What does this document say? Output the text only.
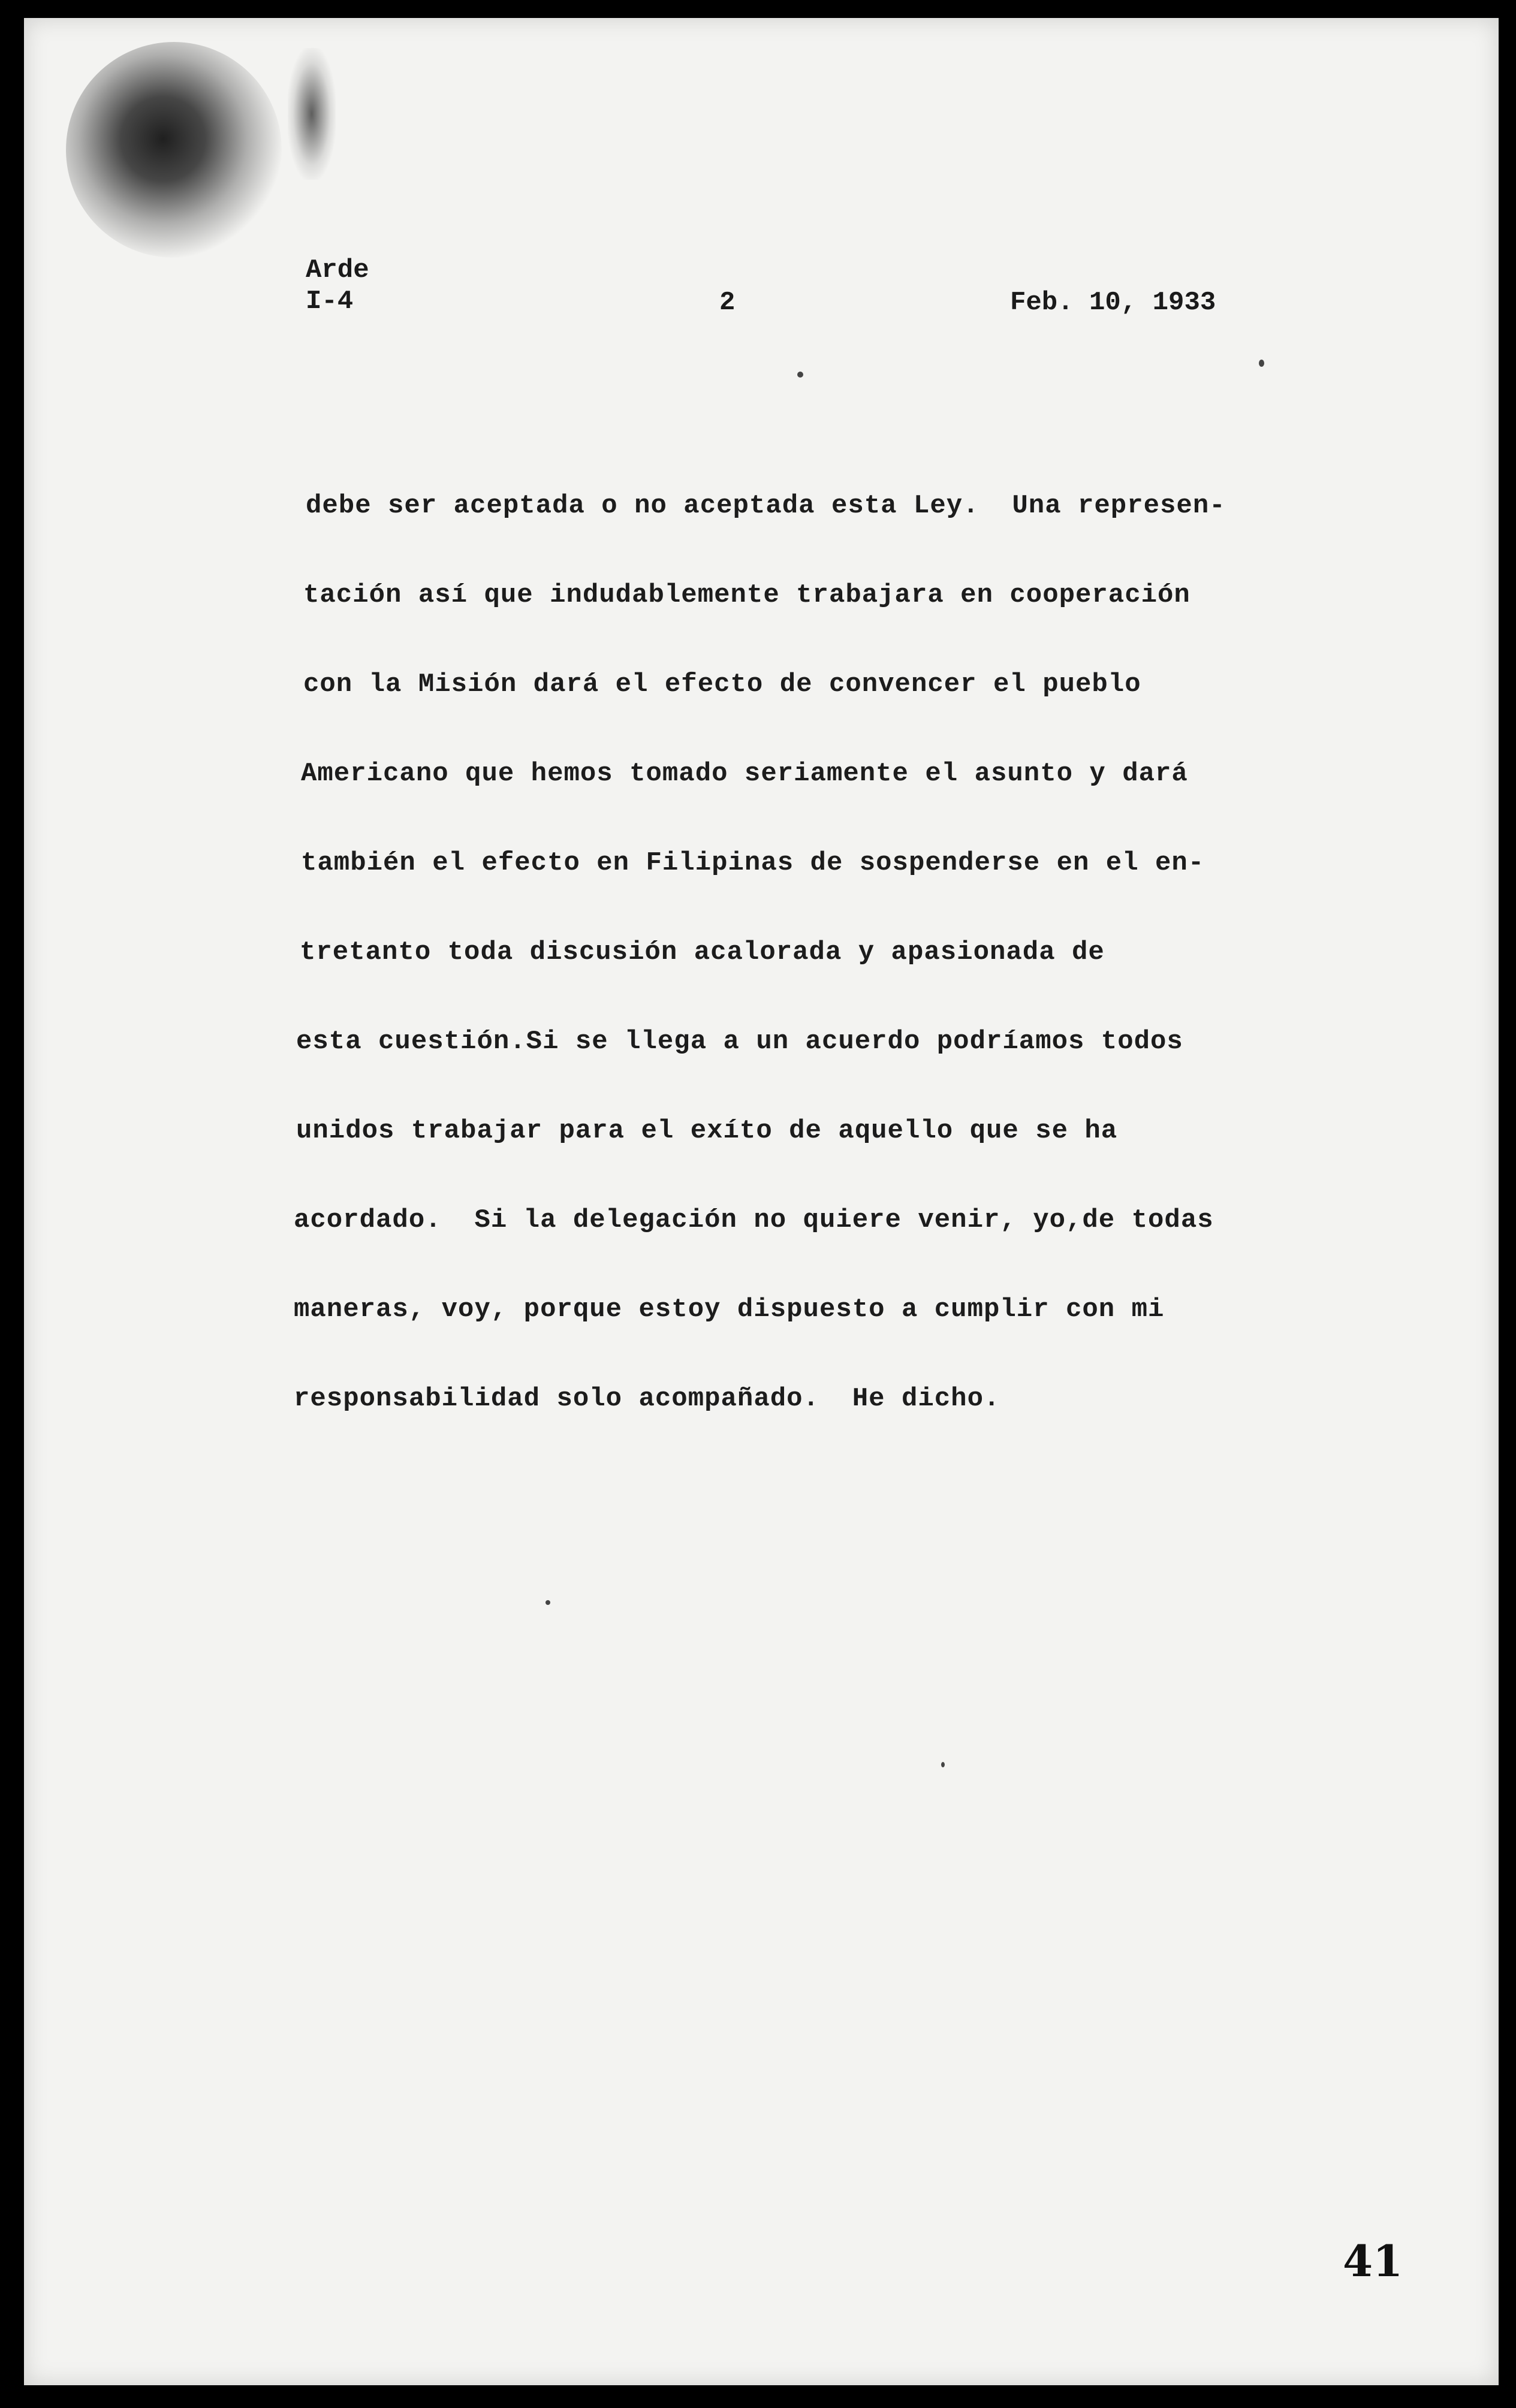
Arde
I-4	2	Feb. 10, 1933
debe ser aceptada o no aceptada esta Ley.  Una represen-
tación así que indudablemente trabajara en cooperación
con la Misión dará el efecto de convencer el pueblo
Americano que hemos tomado seriamente el asunto y dará
también el efecto en Filipinas de sospenderse en el en-
tretanto toda discusión acalorada y apasionada de
esta cuestión.Si se llega a un acuerdo podríamos todos
unidos trabajar para el exíto de aquello que se ha
acordado.  Si la delegación no quiere venir, yo,de todas
maneras, voy, porque estoy dispuesto a cumplir con mi
responsabilidad solo acompañado.  He dicho.
41
